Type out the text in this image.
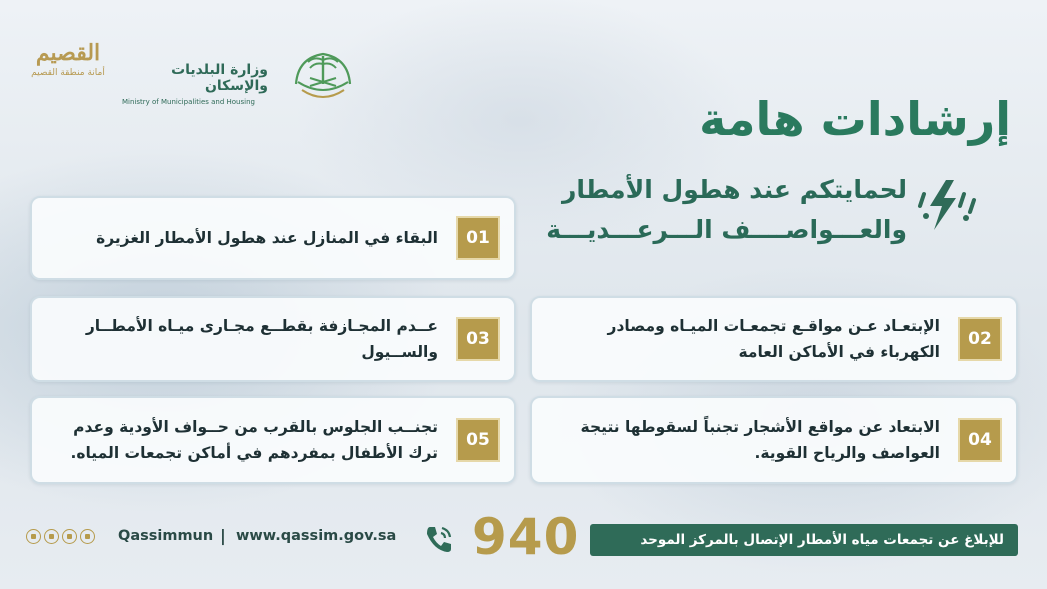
القصيم
أمانة منطقة القصيم	وزارة البلديات والإسكان
Ministry of Municipalities and Housing	إرشادات هامة
لحمايتكم عند هطول الأمطار
والعـــواصــــف الـــرعـــديـــة
01
البقاء في المنازل عند هطول الأمطار الغزيرة
02
الإبتعـاد عـن مواقـع تجمعـات الميـاه ومصادر الكهرباء في الأماكن العامة
03
عــدم المجـازفة بقطــع مجـارى ميـاه الأمطــار والســيول
04
الابتعاد عن مواقع الأشجار تجنباً لسقوطها نتيجة العواصف والرياح القوية.
05
تجنــب الجلوس بالقرب من حــواف الأودية وعدم ترك الأطفال بمفردهم في أماكن تجمعات المياه.
للإبلاغ عن تجمعات مياه الأمطار الإتصال بالمركز الموحد
940
www.qassim.gov.sa
|
Qassimmun
